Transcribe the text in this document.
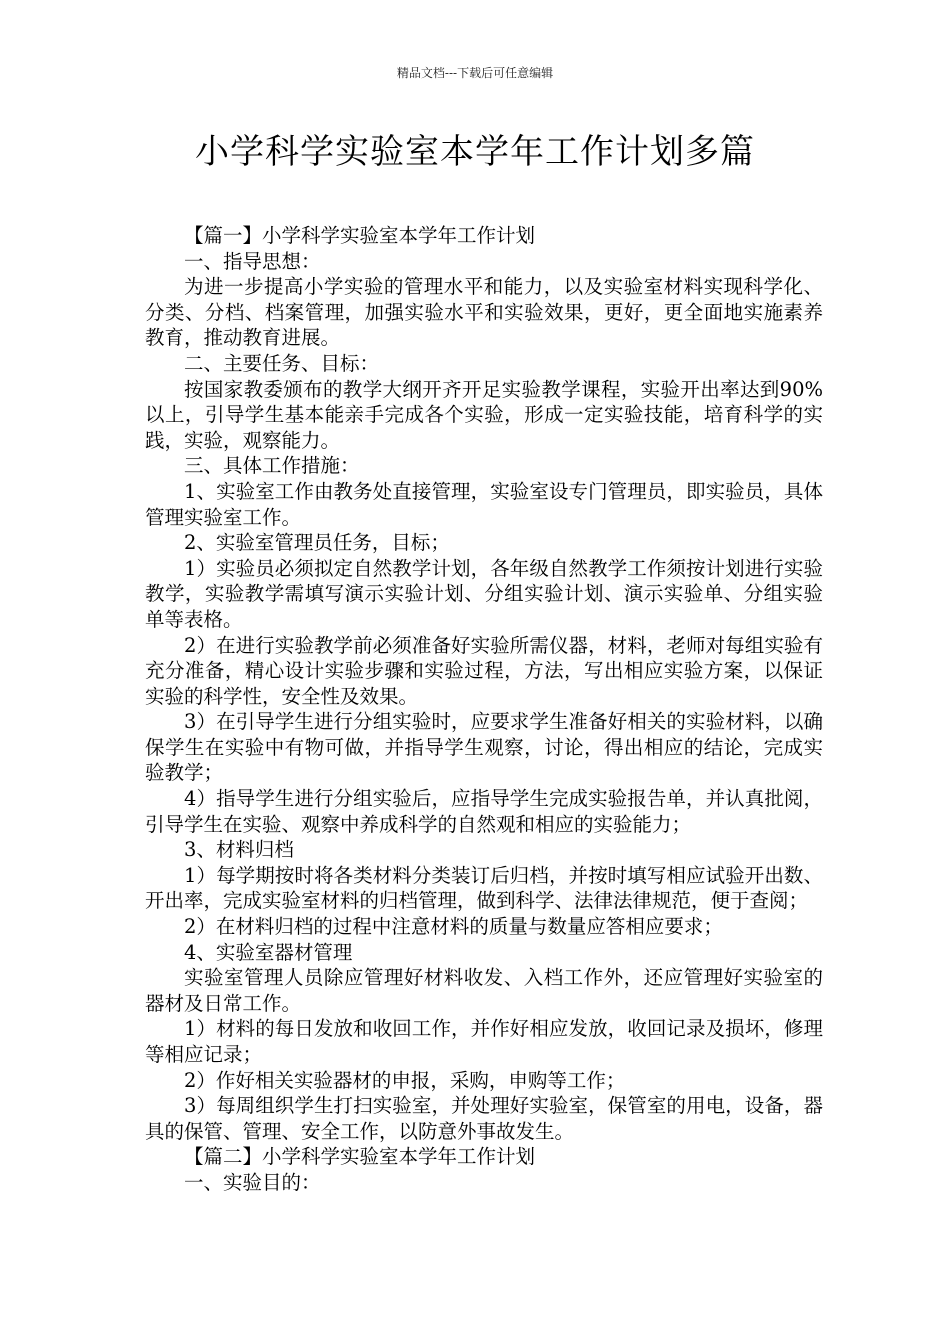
精品文档---下载后可任意编辑
小学科学实验室本学年工作计划多篇

【篇一】小学科学实验室本学年工作计划

一、指导思想：

为进一步提高小学实验的管理水平和能力，以及实验室材料实现科学化、分类、分档、档案管理，加强实验水平和实验效果，更好，更全面地实施素养教育，推动教育进展。

二、主要任务、目标：

按国家教委颁布的教学大纲开齐开足实验教学课程，实验开出率达到90%以上，引导学生基本能亲手完成各个实验，形成一定实验技能，培育科学的实践，实验，观察能力。

三、具体工作措施：

1、实验室工作由教务处直接管理，实验室设专门管理员，即实验员，具体管理实验室工作。

2、实验室管理员任务，目标；

1）实验员必须拟定自然教学计划，各年级自然教学工作须按计划进行实验教学，实验教学需填写演示实验计划、分组实验计划、演示实验单、分组实验单等表格。

2）在进行实验教学前必须准备好实验所需仪器，材料，老师对每组实验有充分准备，精心设计实验步骤和实验过程，方法，写出相应实验方案，以保证实验的科学性，安全性及效果。

3）在引导学生进行分组实验时，应要求学生准备好相关的实验材料，以确保学生在实验中有物可做，并指导学生观察，讨论，得出相应的结论，完成实验教学；

4）指导学生进行分组实验后，应指导学生完成实验报告单，并认真批阅，引导学生在实验、观察中养成科学的自然观和相应的实验能力；

3、材料归档

1）每学期按时将各类材料分类装订后归档，并按时填写相应试验开出数、开出率，完成实验室材料的归档管理，做到科学、法律法律规范，便于查阅；

2）在材料归档的过程中注意材料的质量与数量应答相应要求；

4、实验室器材管理

实验室管理人员除应管理好材料收发、入档工作外，还应管理好实验室的器材及日常工作。

1）材料的每日发放和收回工作，并作好相应发放，收回记录及损坏，修理等相应记录；

2）作好相关实验器材的申报，采购，申购等工作；

3）每周组织学生打扫实验室，并处理好实验室，保管室的用电，设备，器具的保管、管理、安全工作，以防意外事故发生。

【篇二】小学科学实验室本学年工作计划

一、实验目的：
